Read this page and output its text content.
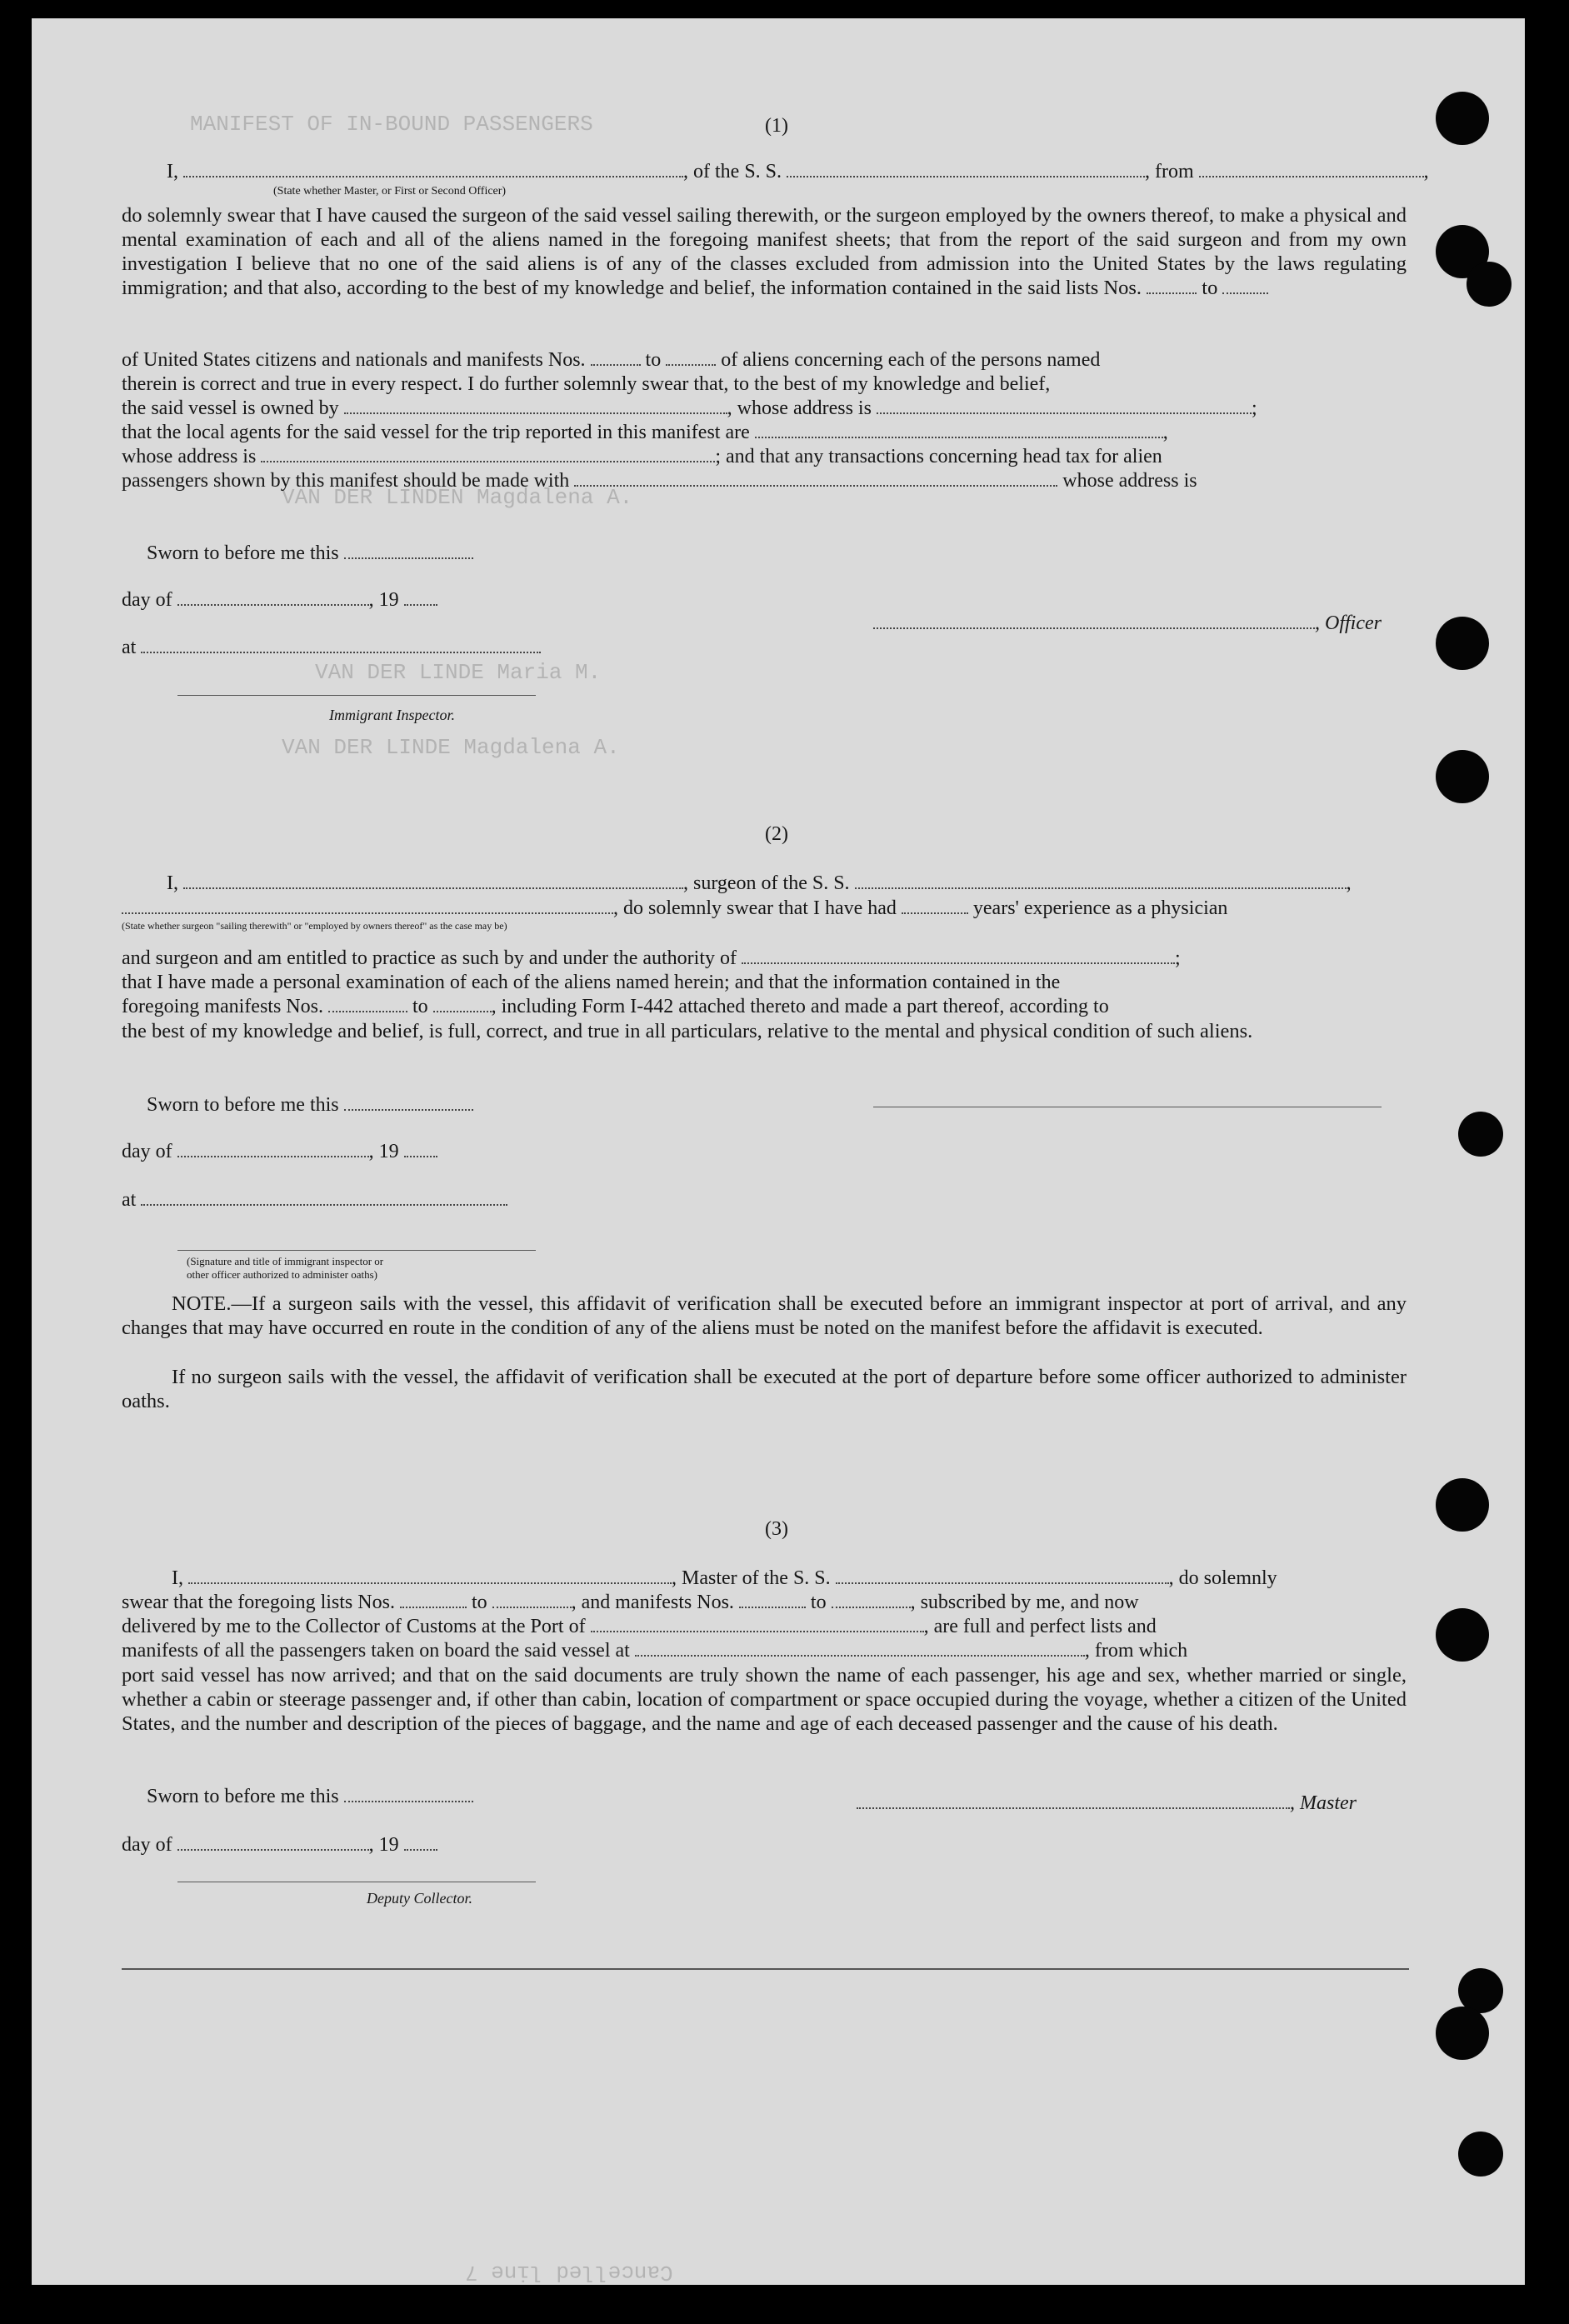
MANIFEST OF IN-BOUND PASSENGERS
VAN DER LINDEN Magdalena A.
VAN DER LINDE Maria M.
VAN DER LINDE Magdalena A.
Cancelled line 7
(1)
I,	, of the S. S.	, from	,
(State whether Master, or First or Second Officer)
do solemnly swear that I have caused the surgeon of the said vessel sailing therewith, or the surgeon employed by the owners thereof, to make a physical and mental examination of each and all of the aliens named in the foregoing manifest sheets; that from the report of the said surgeon and from my own investigation I believe that no one of the said aliens is of any of the classes excluded from admission into the United States by the laws regulating immigration; and that also, according to the best of my knowledge and belief, the information contained in the said lists Nos.	to
of United States citizens and nationals and manifests Nos.	to	of aliens concerning each of the persons named
therein is correct and true in every respect. I do further solemnly swear that, to the best of my knowledge and belief,
the said vessel is owned by	, whose address is	;
that the local agents for the said vessel for the trip reported in this manifest are	,
whose address is	; and that any transactions concerning head tax for alien
passengers shown by this manifest should be made with	whose address is
Sworn to before me this
day of	, 19
at
, Officer
Immigrant Inspector.
(2)
I,	, surgeon of the S. S.	,
(State whether surgeon "sailing therewith" or "employed by owners thereof" as the case may be)
, do solemnly swear that I have had	years' experience as a physician
and surgeon and am entitled to practice as such by and under the authority of	;
that I have made a personal examination of each of the aliens named herein; and that the information contained in the
foregoing manifests Nos.	to	, including Form I-442 attached thereto and made a part thereof, according to
the best of my knowledge and belief, is full, correct, and true in all particulars, relative to the mental and physical condition of such aliens.
Sworn to before me this
day of	, 19
at
(Signature and title of immigrant inspector or
other officer authorized to administer oaths)
NOTE.—If a surgeon sails with the vessel, this affidavit of verification shall be executed before an immigrant inspector at port of arrival, and any changes that may have occurred en route in the condition of any of the aliens must be noted on the manifest before the affidavit is executed.
If no surgeon sails with the vessel, the affidavit of verification shall be executed at the port of departure before some officer authorized to administer oaths.
(3)
I,	, Master of the S. S.	, do solemnly
swear that the foregoing lists Nos.	to	, and manifests Nos.	to	, subscribed by me, and now
delivered by me to the Collector of Customs at the Port of	, are full and perfect lists and
manifests of all the passengers taken on board the said vessel at	, from which
port said vessel has now arrived; and that on the said documents are truly shown the name of each passenger, his age and sex, whether married or single, whether a cabin or steerage passenger and, if other than cabin, location of compartment or space occupied during the voyage, whether a citizen of the United States, and the number and description of the pieces of baggage, and the name and age of each deceased passenger and the cause of his death.
Sworn to before me this	, Master
day of	, 19
Deputy Collector.
